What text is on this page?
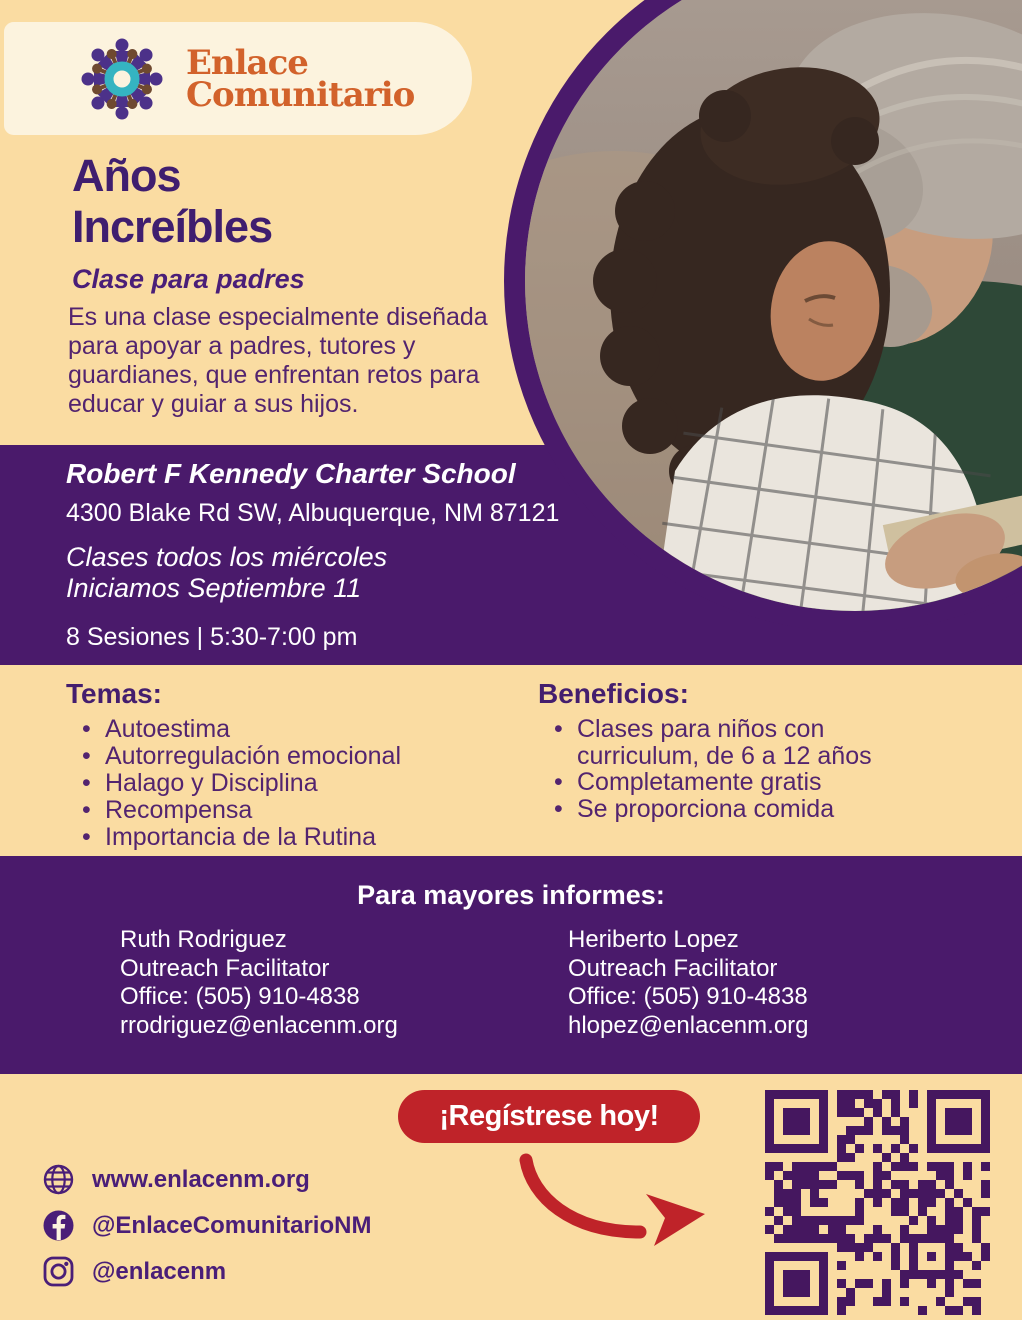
Robert F Kennedy Charter School
4300 Blake Rd SW, Albuquerque, NM 87121
Clases todos los miércoles
Iniciamos Septiembre 11
8 Sesiones | 5:30-7:00 pm
Enlace
Comunitario
Años
Increíbles
Clase para padres
Es una clase especialmente diseñada para apoyar a padres, tutores y guardianes, que enfrentan retos para educar y guiar a sus hijos.
Temas:
• Autoestima
• Autorregulación emocional
• Halago y Disciplina
• Recompensa
• Importancia de la Rutina
Beneficios:
• Clases para niños con curriculum, de 6 a 12 años
• Completamente gratis
• Se proporciona comida
Para mayores informes:
Ruth Rodriguez
Outreach Facilitator
Office: (505) 910-4838
rrodriguez@enlacenm.org
Heriberto Lopez
Outreach Facilitator
Office: (505) 910-4838
hlopez@enlacenm.org
¡Regístrese hoy!
www.enlacenm.org
@EnlaceComunitarioNM
@enlacenm
